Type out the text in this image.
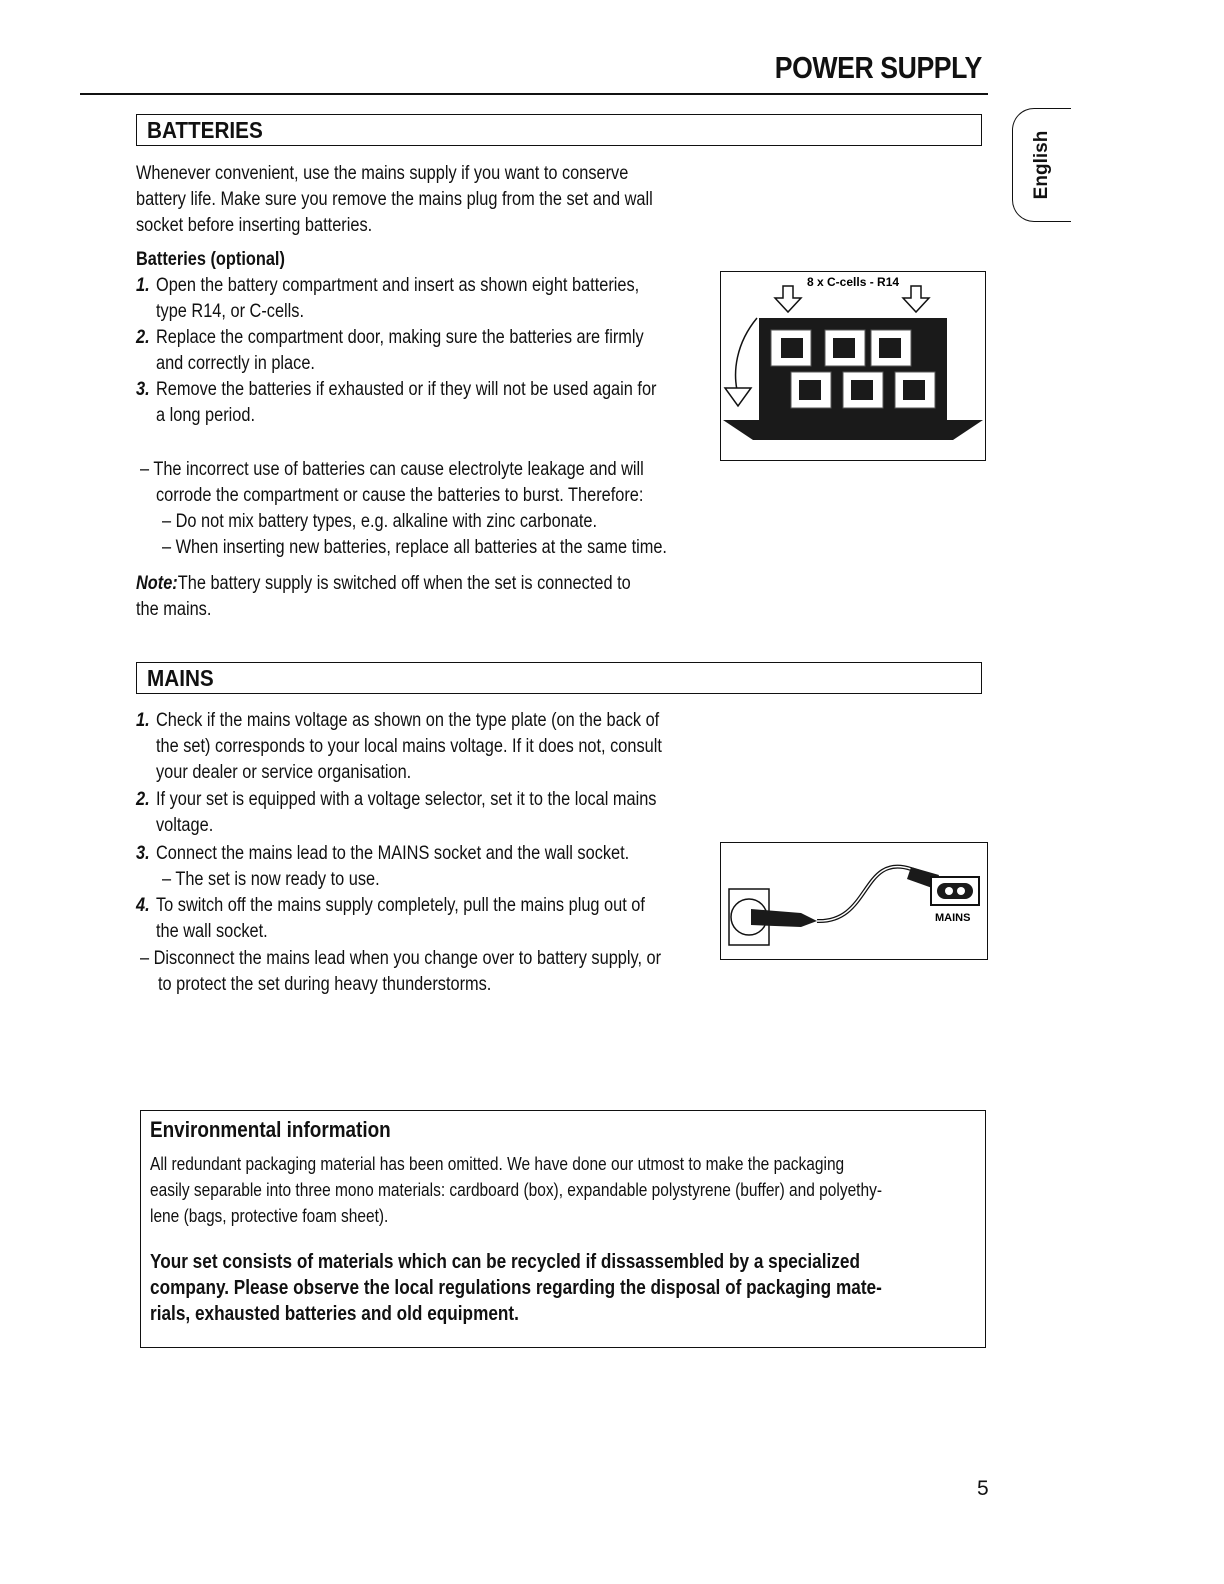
POWER SUPPLY
English
BATTERIES
Whenever convenient, use the mains supply if you want to conserve
battery life. Make sure you remove the mains plug from the set and wall
socket before inserting batteries.
Batteries (optional)
1. Open the battery compartment and insert as shown eight batteries,
type R14, or C-cells.
2. Replace the compartment door, making sure the batteries are firmly
and correctly in place.
3. Remove the batteries if exhausted or if they will not be used again for
a long period.
8 x C-cells - R14
– The incorrect use of batteries can cause electrolyte leakage and will
corrode the compartment or cause the batteries to burst. Therefore:
– Do not mix battery types, e.g. alkaline with zinc carbonate.
– When inserting new batteries, replace all batteries at the same time.
Note:The battery supply is switched off when the set is connected to
the mains.
MAINS
1. Check if the mains voltage as shown on the type plate (on the back of
the set) corresponds to your local mains voltage. If it does not, consult
your dealer or service organisation.
2. If your set is equipped with a voltage selector, set it to the local mains
voltage.
3. Connect the mains lead to the MAINS socket and the wall socket.
– The set is now ready to use.
4. To switch off the mains supply completely, pull the mains plug out of
the wall socket.
– Disconnect the mains lead when you change over to battery supply, or
to protect the set during heavy thunderstorms.
MAINS
Environmental information
All redundant packaging material has been omitted. We have done our utmost to make the packaging
easily separable into three mono materials: cardboard (box), expandable polystyrene (buffer) and polyethy-
lene (bags, protective foam sheet).
Your set consists of materials which can be recycled if dissassembled by a specialized
company. Please observe the local regulations regarding the disposal of packaging mate-
rials, exhausted batteries and old equipment.
5
